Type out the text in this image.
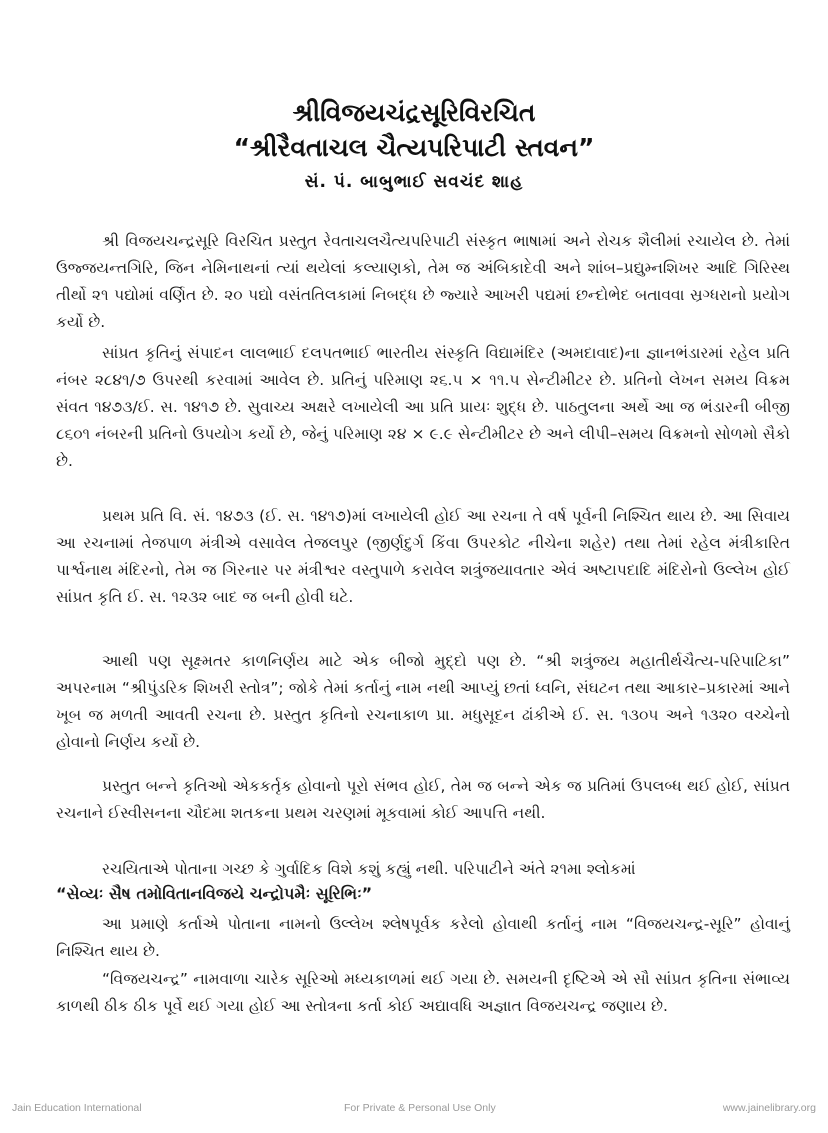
શ્રીવિજયચંદ્રસૂરિવિરચિત
“શ્રીરૈવતાચલ ચૈત્યપરિપાટી સ્તવન”
સં. પં. બાબુભાઈ સવચંદ શાહ

શ્રી વિજયચન્દ્રસૂરિ વિરચિત પ્રસ્તુત રેવતાચલચૈત્યપરિપાટી સંસ્કૃત ભાષામાં અને રોચક શૈલીમાં રચાયેલ છે. તેમાં ઉજ્જયન્તગિરિ, જિન નેમિનાથનાં ત્યાં થયેલાં કલ્યાણકો, તેમ જ અંબિકાદેવી અને શાંબ–પ્રદ્યુમ્નશિખર આદિ ગિરિસ્થ તીર્થો ૨૧ પદ્યોમાં વર્ણિત છે. ૨૦ પદ્યો વસંતતિલકામાં નિબદ્ધ છે જ્યારે આખરી પદ્યમાં છન્દોભેદ બતાવવા સ્રગ્ધરાનો પ્રયોગ કર્યો છે.

સાંપ્રત કૃતિનું સંપાદન લાલભાઈ દલપતભાઈ ભારતીય સંસ્કૃતિ વિદ્યામંદિર (અમદાવાદ)ના જ્ઞાનભંડારમાં રહેલ પ્રતિ નંબર ૨૮૪૧/૭ ઉપરથી કરવામાં આવેલ છે. પ્રતિનું પરિમાણ ૨૬.૫ × ૧૧.૫ સેન્ટીમીટર છે. પ્રતિનો લેખન સમય વિક્રમ સંવત ૧૪૭૩/ઈ. સ. ૧૪૧૭ છે. સુવાચ્ય અક્ષરે લખાયેલી આ પ્રતિ પ્રાયઃ શુદ્ધ છે. પાઠતુલના અર્થે આ જ ભંડારની બીજી ૮૬૦૧ નંબરની પ્રતિનો ઉપયોગ કર્યો છે, જેનું પરિમાણ ૨૪ × ૯.૯ સેન્ટીમીટર છે અને લીપી–સમય વિક્રમનો સોળમો સૈકો છે.

પ્રથમ પ્રતિ વિ. સં. ૧૪૭૩ (ઈ. સ. ૧૪૧૭)માં લખાયેલી હોઈ આ રચના તે વર્ષ પૂર્વની નિશ્ચિત થાય છે. આ સિવાય આ રચનામાં તેજપાળ મંત્રીએ વસાવેલ તેજલપુર (જીર્ણદુર્ગ કિંવા ઉપરકોટ નીચેના શહેર) તથા તેમાં રહેલ મંત્રીકારિત પાર્શ્વનાથ મંદિરનો, તેમ જ ગિરનાર પર મંત્રીશ્વર વસ્તુપાળે કરાવેલ શત્રુંજયાવતાર એવં અષ્ટાપદાદિ મંદિરોનો ઉલ્લેખ હોઈ સાંપ્રત કૃતિ ઈ. સ. ૧૨૩૨ બાદ જ બની હોવી ઘટે.

આથી પણ સૂક્ષ્મતર કાળનિર્ણય માટે એક બીજો મુદ્દો પણ છે. “શ્રી શત્રુંજય મહાતીર્થચૈત્ય-પરિપાટિકા” અપરનામ “શ્રીપુંડરિક શિખરી સ્તોત્ર”; જોકે તેમાં કર્તાનું નામ નથી આપ્યું છતાં ધ્વનિ, સંઘટન તથા આકાર–પ્રકારમાં આને ખૂબ જ મળતી આવતી રચના છે. પ્રસ્તુત કૃતિનો રચનાકાળ પ્રા. મધુસૂદન ઢાંકીએ ઈ. સ. ૧૩૦૫ અને ૧૩૨૦ વચ્ચેનો હોવાનો નિર્ણય કર્યો છે.

પ્રસ્તુત બન્ને કૃતિઓ એકકર્તૃક હોવાનો પૂરો સંભવ હોઈ, તેમ જ બન્ને એક જ પ્રતિમાં ઉપલબ્ધ થઈ હોઈ, સાંપ્રત રચનાને ઈસ્વીસનના ચૌદમા શતકના પ્રથમ ચરણમાં મૂકવામાં કોઈ આપત્તિ નથી.

રચયિતાએ પોતાના ગચ્છ કે ગુર્વાદિક વિશે કશું કહ્યું નથી. પરિપાટીને અંતે ૨૧મા શ્લોકમાં

“સેવ્યઃ સૈષ તમોવિતાનવિજયે ચન્દ્રોપમૈઃ સૂરિભિઃ”

આ પ્રમાણે કર્તાએ પોતાના નામનો ઉલ્લેખ શ્લેષપૂર્વક કરેલો હોવાથી કર્તાનું નામ “વિજયચન્દ્ર-સૂરિ” હોવાનું નિશ્ચિત થાય છે.

“વિજયચન્દ્ર” નામવાળા ચારેક સૂરિઓ મધ્યકાળમાં થઈ ગયા છે. સમયની દૃષ્ટિએ એ સૌ સાંપ્રત કૃતિના સંભાવ્ય કાળથી ઠીક ઠીક પૂર્વે થઈ ગયા હોઈ આ સ્તોત્રના કર્તા કોઈ અદ્યાવધિ અજ્ઞાત વિજયચન્દ્ર જણાય છે.

Jain Education International	For Private & Personal Use Only	www.jainelibrary.org
